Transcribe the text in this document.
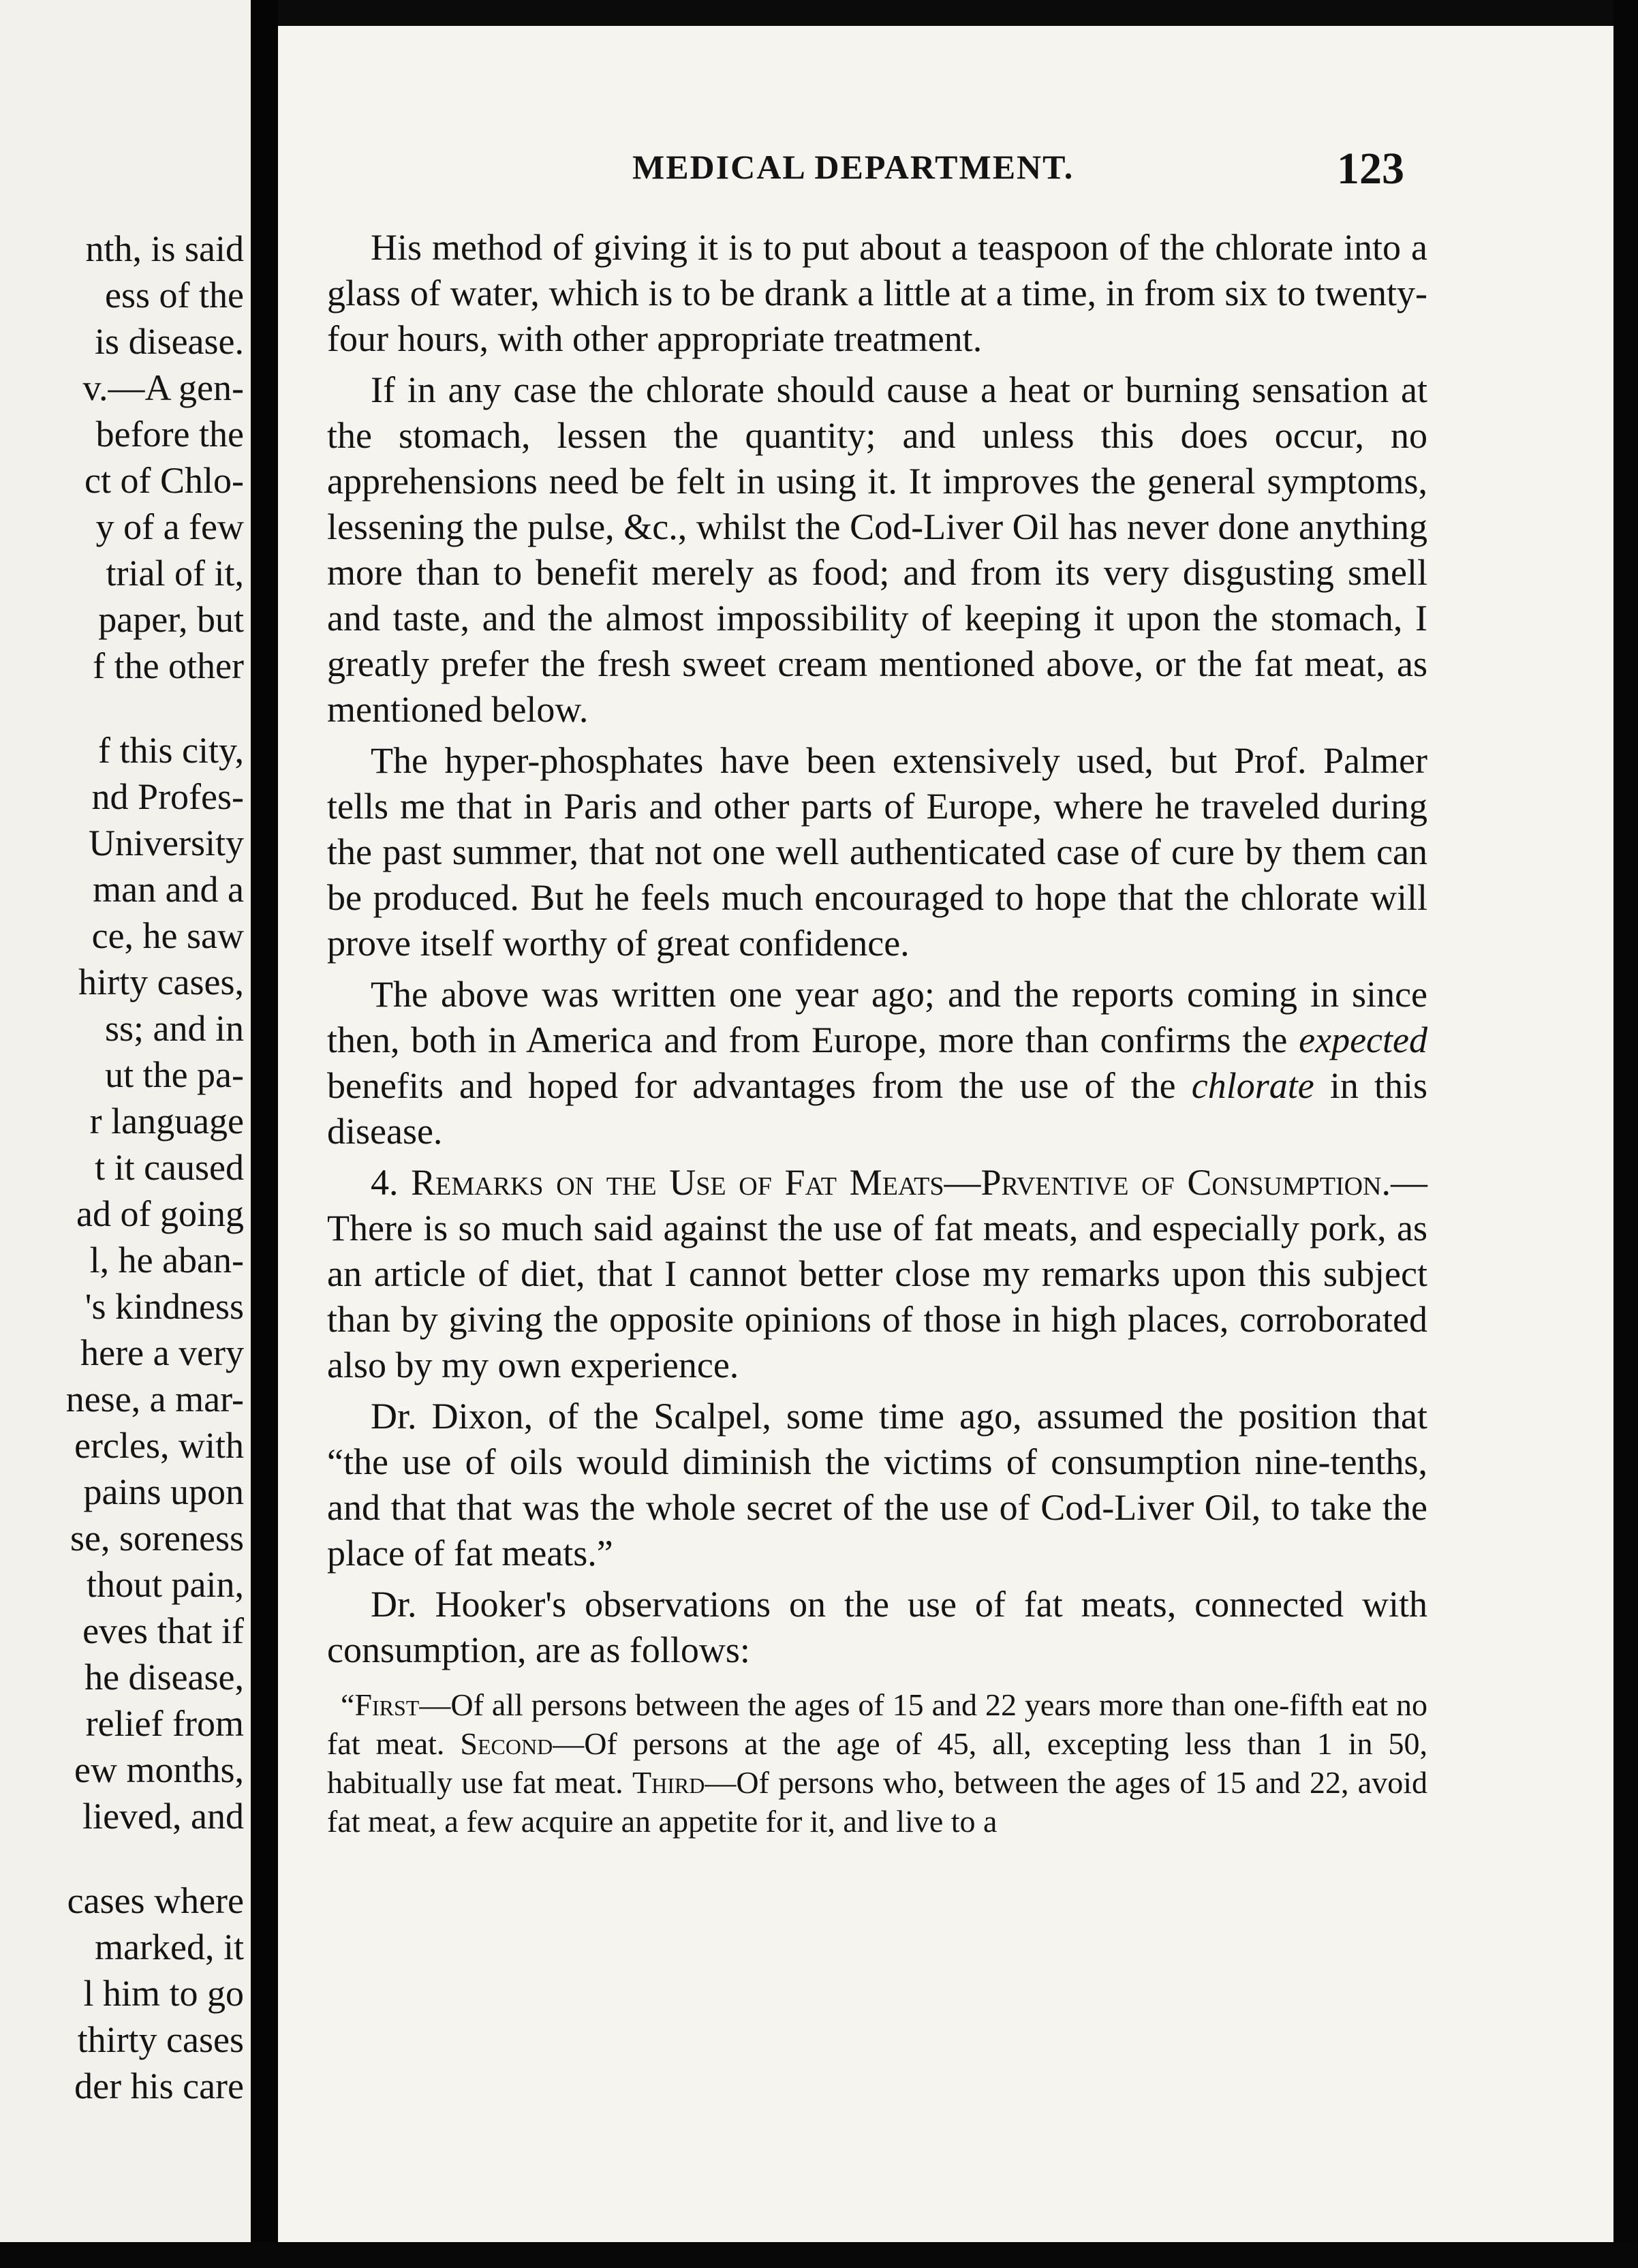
nth, is said
ess of the
is disease.
v.—A gen-
before the
ct of Chlo-
y of a few
trial of it,
paper, but
f the other
f this city,
nd Profes-
University
man and a
ce, he saw
hirty cases,
ss; and in
ut the pa-
r language
t it caused
ad of going
l, he aban-
's kindness
here a very
nese, a mar-
ercles, with
pains upon
se, soreness
thout pain,
eves that if
he disease,
relief from
ew months,
lieved, and
cases where
marked, it
l him to go
thirty cases
der his care
MEDICAL DEPARTMENT.	123

His method of giving it is to put about a teaspoon of the chlorate into a glass of water, which is to be drank a little at a time, in from six to twenty-four hours, with other appropriate treatment.

If in any case the chlorate should cause a heat or burning sensation at the stomach, lessen the quantity; and unless this does occur, no apprehensions need be felt in using it. It improves the general symptoms, lessening the pulse, &c., whilst the Cod-Liver Oil has never done anything more than to benefit merely as food; and from its very disgusting smell and taste, and the almost impossibility of keeping it upon the stomach, I greatly prefer the fresh sweet cream mentioned above, or the fat meat, as mentioned below.

The hyper-phosphates have been extensively used, but Prof. Palmer tells me that in Paris and other parts of Europe, where he traveled during the past summer, that not one well authenticated case of cure by them can be produced. But he feels much encouraged to hope that the chlorate will prove itself worthy of great confidence.

The above was written one year ago; and the reports coming in since then, both in America and from Europe, more than confirms the expected benefits and hoped for advantages from the use of the chlorate in this disease.

4. Remarks on the Use of Fat Meats—Prventive of Consumption.—There is so much said against the use of fat meats, and especially pork, as an article of diet, that I cannot better close my remarks upon this subject than by giving the opposite opinions of those in high places, corroborated also by my own experience.

Dr. Dixon, of the Scalpel, some time ago, assumed the position that “the use of oils would diminish the victims of consumption nine-tenths, and that that was the whole secret of the use of Cod-Liver Oil, to take the place of fat meats.”

Dr. Hooker's observations on the use of fat meats, connected with consumption, are as follows:

“First—Of all persons between the ages of 15 and 22 years more than one-fifth eat no fat meat. Second—Of persons at the age of 45, all, excepting less than 1 in 50, habitually use fat meat. Third—Of persons who, between the ages of 15 and 22, avoid fat meat, a few acquire an appetite for it, and live to a
